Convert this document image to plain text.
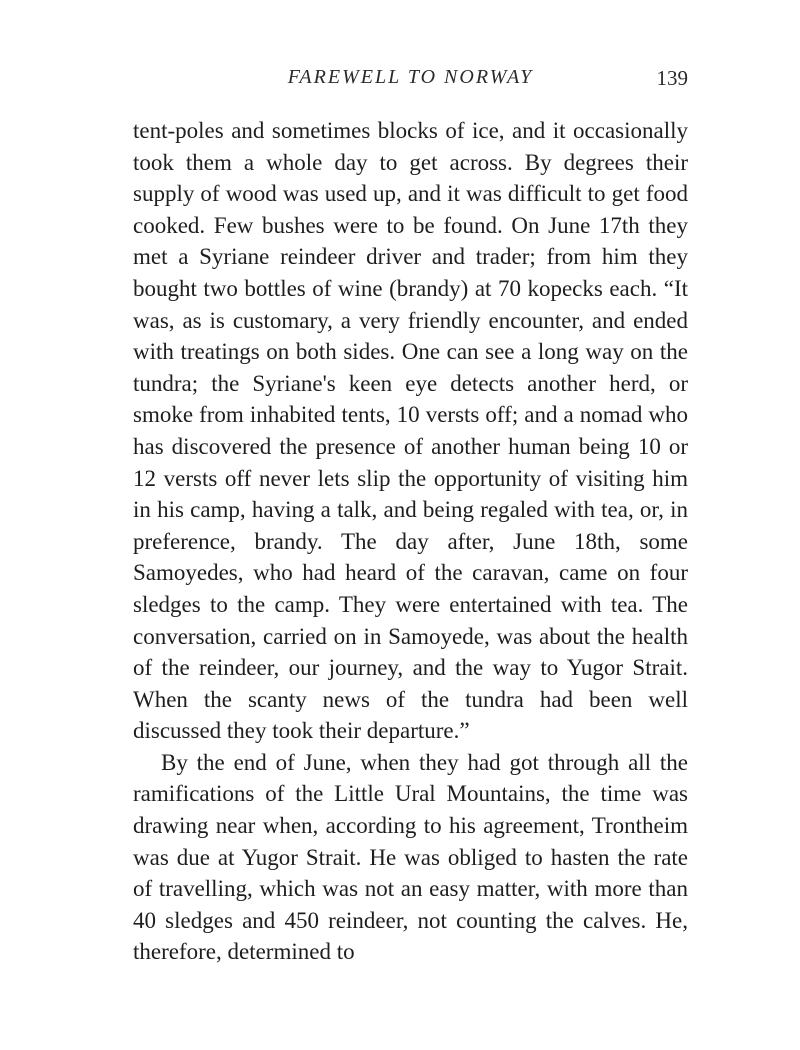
FAREWELL TO NORWAY	139

tent-poles and sometimes blocks of ice, and it occasionally took them a whole day to get across. By degrees their supply of wood was used up, and it was difficult to get food cooked. Few bushes were to be found. On June 17th they met a Syriane reindeer driver and trader; from him they bought two bottles of wine (brandy) at 70 kopecks each. “It was, as is customary, a very friendly encounter, and ended with treatings on both sides. One can see a long way on the tundra; the Syriane's keen eye detects another herd, or smoke from inhabited tents, 10 versts off; and a nomad who has discovered the presence of another human being 10 or 12 versts off never lets slip the opportunity of visiting him in his camp, having a talk, and being regaled with tea, or, in preference, brandy. The day after, June 18th, some Samoyedes, who had heard of the caravan, came on four sledges to the camp. They were entertained with tea. The conversation, carried on in Samoyede, was about the health of the reindeer, our journey, and the way to Yugor Strait. When the scanty news of the tundra had been well discussed they took their departure.”

By the end of June, when they had got through all the ramifications of the Little Ural Mountains, the time was drawing near when, according to his agreement, Trontheim was due at Yugor Strait. He was obliged to hasten the rate of travelling, which was not an easy matter, with more than 40 sledges and 450 reindeer, not counting the calves. He, therefore, determined to
